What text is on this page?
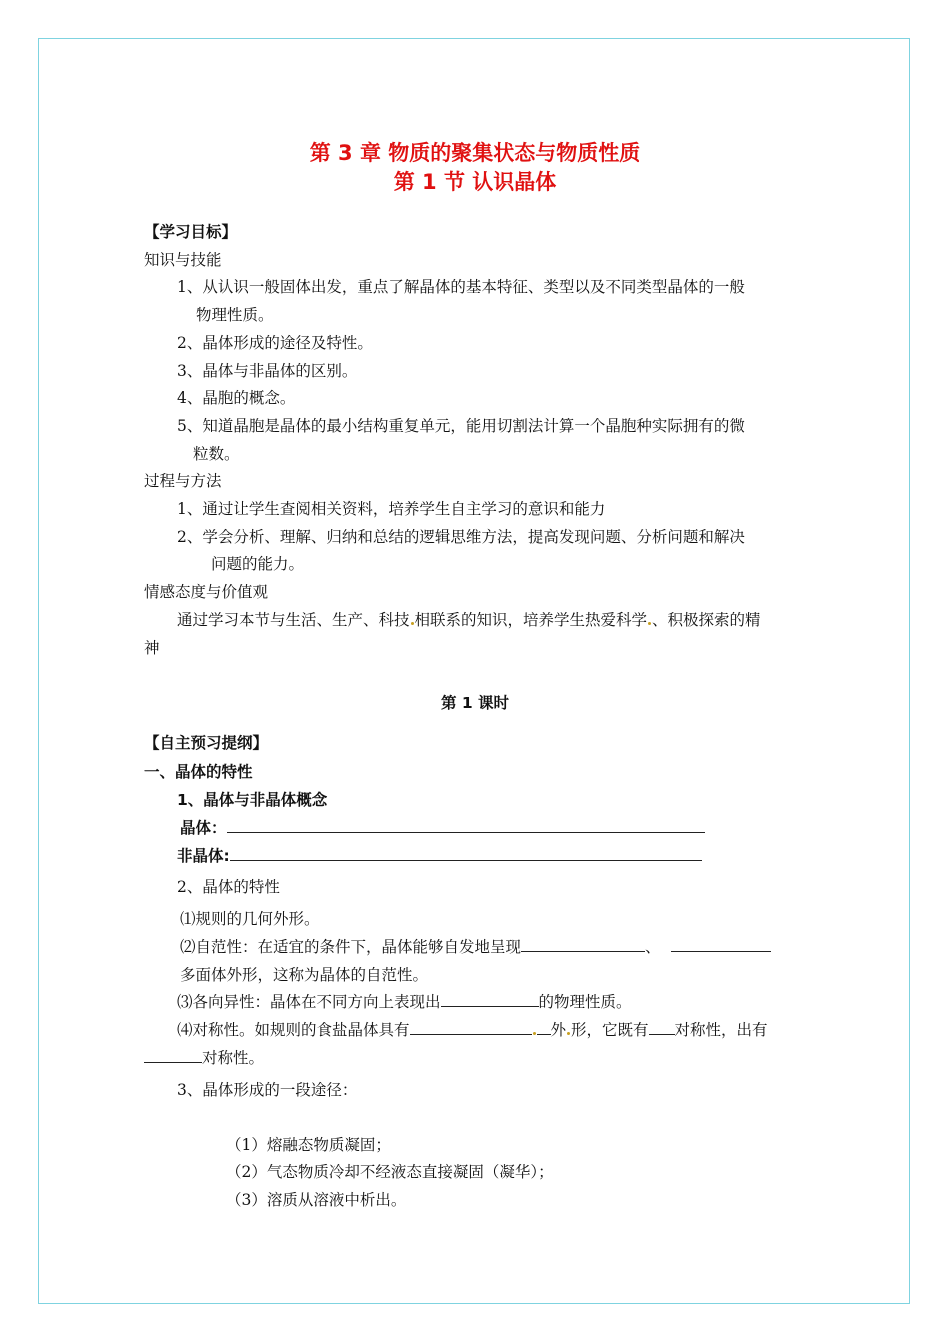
第 3 章 物质的聚集状态与物质性质
第 1 节 认识晶体
【学习目标】
知识与技能
1、从认识一般固体出发，重点了解晶体的基本特征、类型以及不同类型晶体的一般
物理性质。
2、晶体形成的途径及特性。
3、晶体与非晶体的区别。
4、晶胞的概念。
5、知道晶胞是晶体的最小结构重复单元，能用切割法计算一个晶胞种实际拥有的微
粒数。
过程与方法
1、通过让学生查阅相关资料，培养学生自主学习的意识和能力
2、学会分析、理解、归纳和总结的逻辑思维方法，提高发现问题、分析问题和解决
问题的能力。
情感态度与价值观
通过学习本节与生活、生产、科技 相联系的知识，培养学生热爱科学 、积极探索的精
神
第 1 课时
【自主预习提纲】
一、晶体的特性
1、晶体与非晶体概念
晶体：
非晶体:
2、晶体的特性
⑴规则的几何外形。
⑵自范性：在适宜的条件下，晶体能够自发地呈现	、
多面体外形，这称为晶体的自范性。
⑶各向异性：晶体在不同方向上表现出	的物理性质。
⑷对称性。如规则的食盐晶体具有	外 形，它既有 对称性，出有
对称性。
3、晶体形成的一段途径：
（1）熔融态物质凝固；
（2）气态物质冷却不经液态直接凝固（凝华）；
（3）溶质从溶液中析出。
